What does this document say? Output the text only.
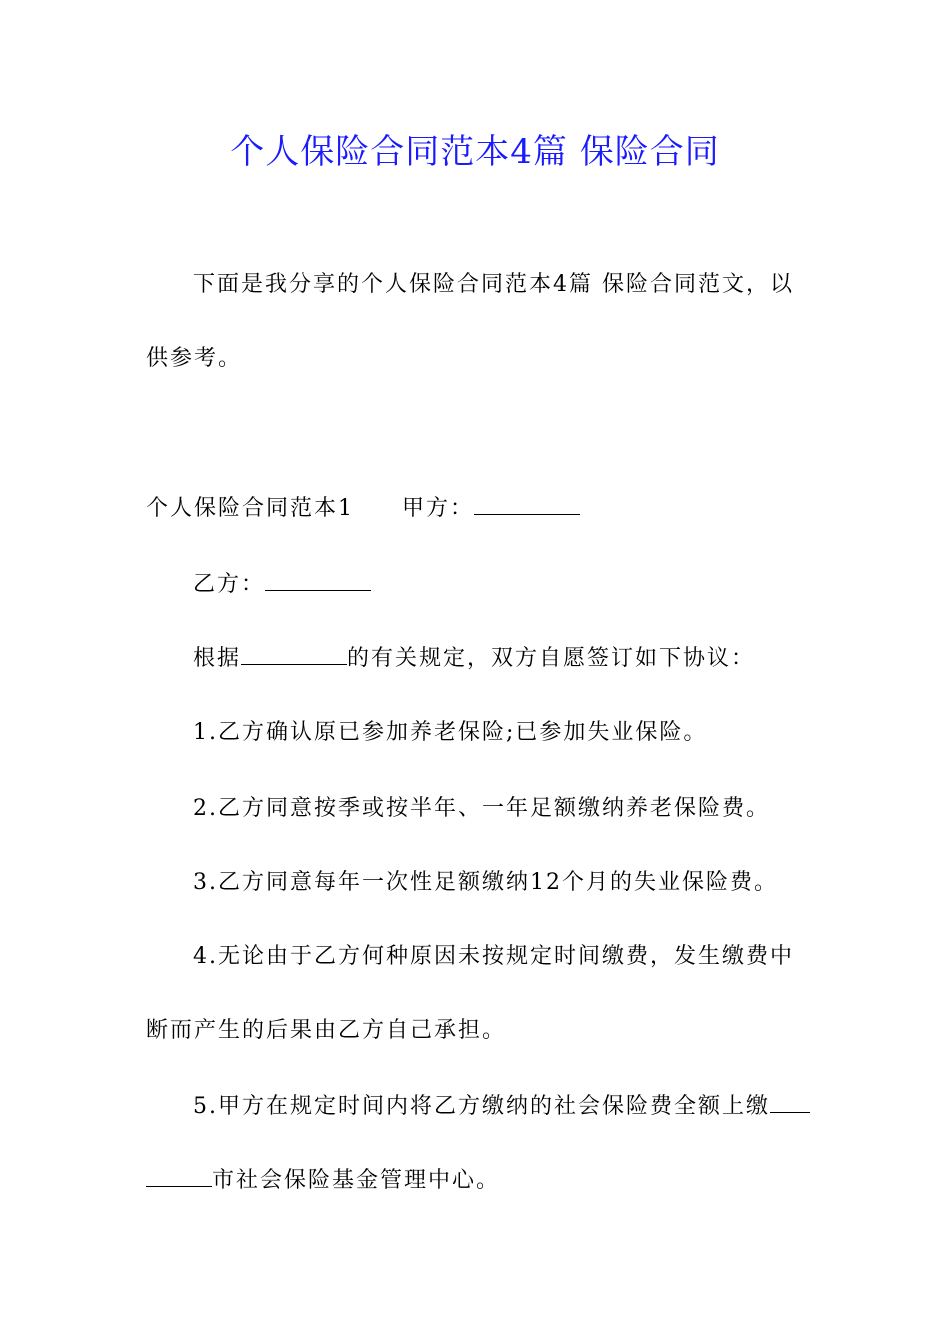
个人保险合同范本4篇 保险合同
下面是我分享的个人保险合同范本4篇 保险合同范文，以
供参考。
个人保险合同范本1 甲方：
乙方：
根据	的有关规定，双方自愿签订如下协议：
1.乙方确认原已参加养老保险;已参加失业保险。
2.乙方同意按季或按半年、一年足额缴纳养老保险费。
3.乙方同意每年一次性足额缴纳12个月的失业保险费。
4.无论由于乙方何种原因未按规定时间缴费，发生缴费中
断而产生的后果由乙方自己承担。
5.甲方在规定时间内将乙方缴纳的社会保险费全额上缴
市社会保险基金管理中心。
